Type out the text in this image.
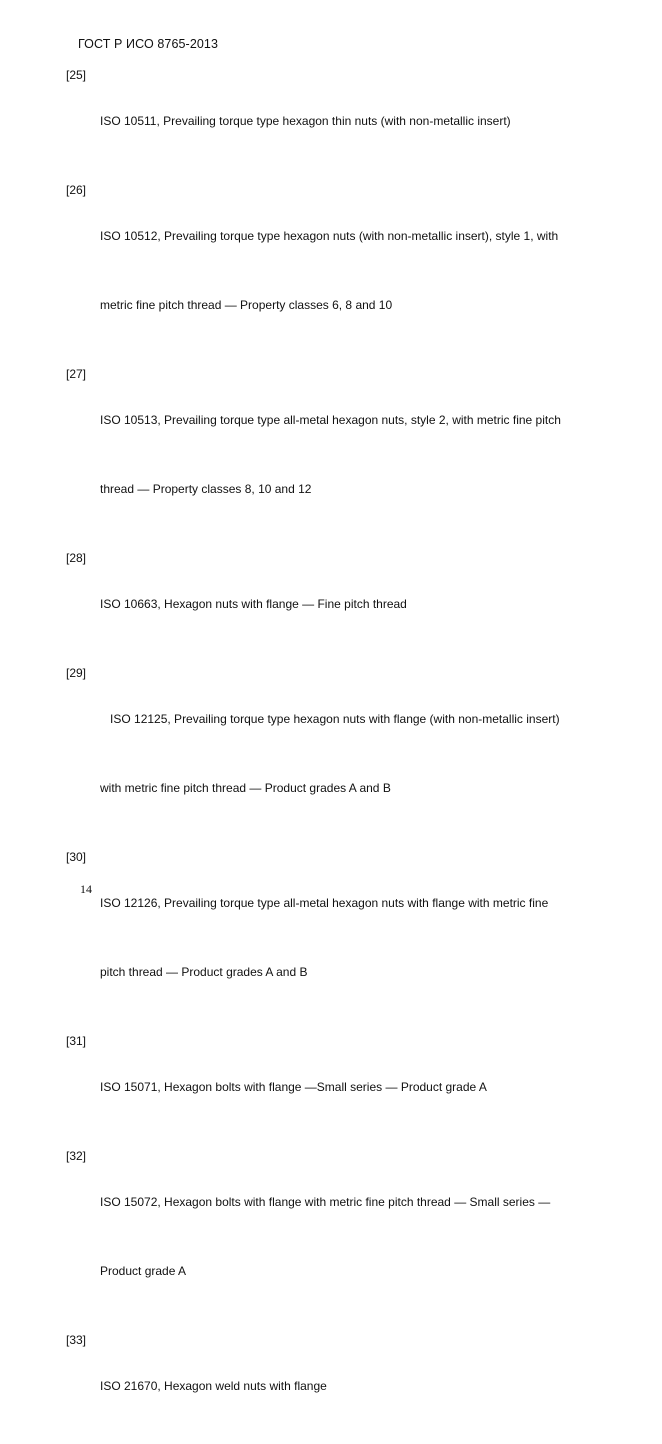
ГОСТ Р ИСО 8765-2013
[25]

ISO 10511, Prevailing torque type hexagon thin nuts (with non-metallic insert)

[26]

ISO 10512, Prevailing torque type hexagon nuts (with non-metallic insert), style 1, with

metric fine pitch thread — Property classes 6, 8 and 10

[27]

ISO 10513, Prevailing torque type all-metal hexagon nuts, style 2, with metric fine pitch

thread — Property classes 8, 10 and 12

[28]

ISO 10663, Hexagon nuts with flange — Fine pitch thread

[29]

ISO 12125, Prevailing torque type hexagon nuts with flange (with non-metallic insert)

with metric fine pitch thread — Product grades A and B

[30]

ISO 12126, Prevailing torque type all-metal hexagon nuts with flange with metric fine

pitch thread — Product grades A and B

[31]

ISO 15071, Hexagon bolts with flange —Small series — Product grade A

[32]

ISO 15072, Hexagon bolts with flange with metric fine pitch thread — Small series —

Product grade A

[33]

ISO 21670, Hexagon weld nuts with flange

14
